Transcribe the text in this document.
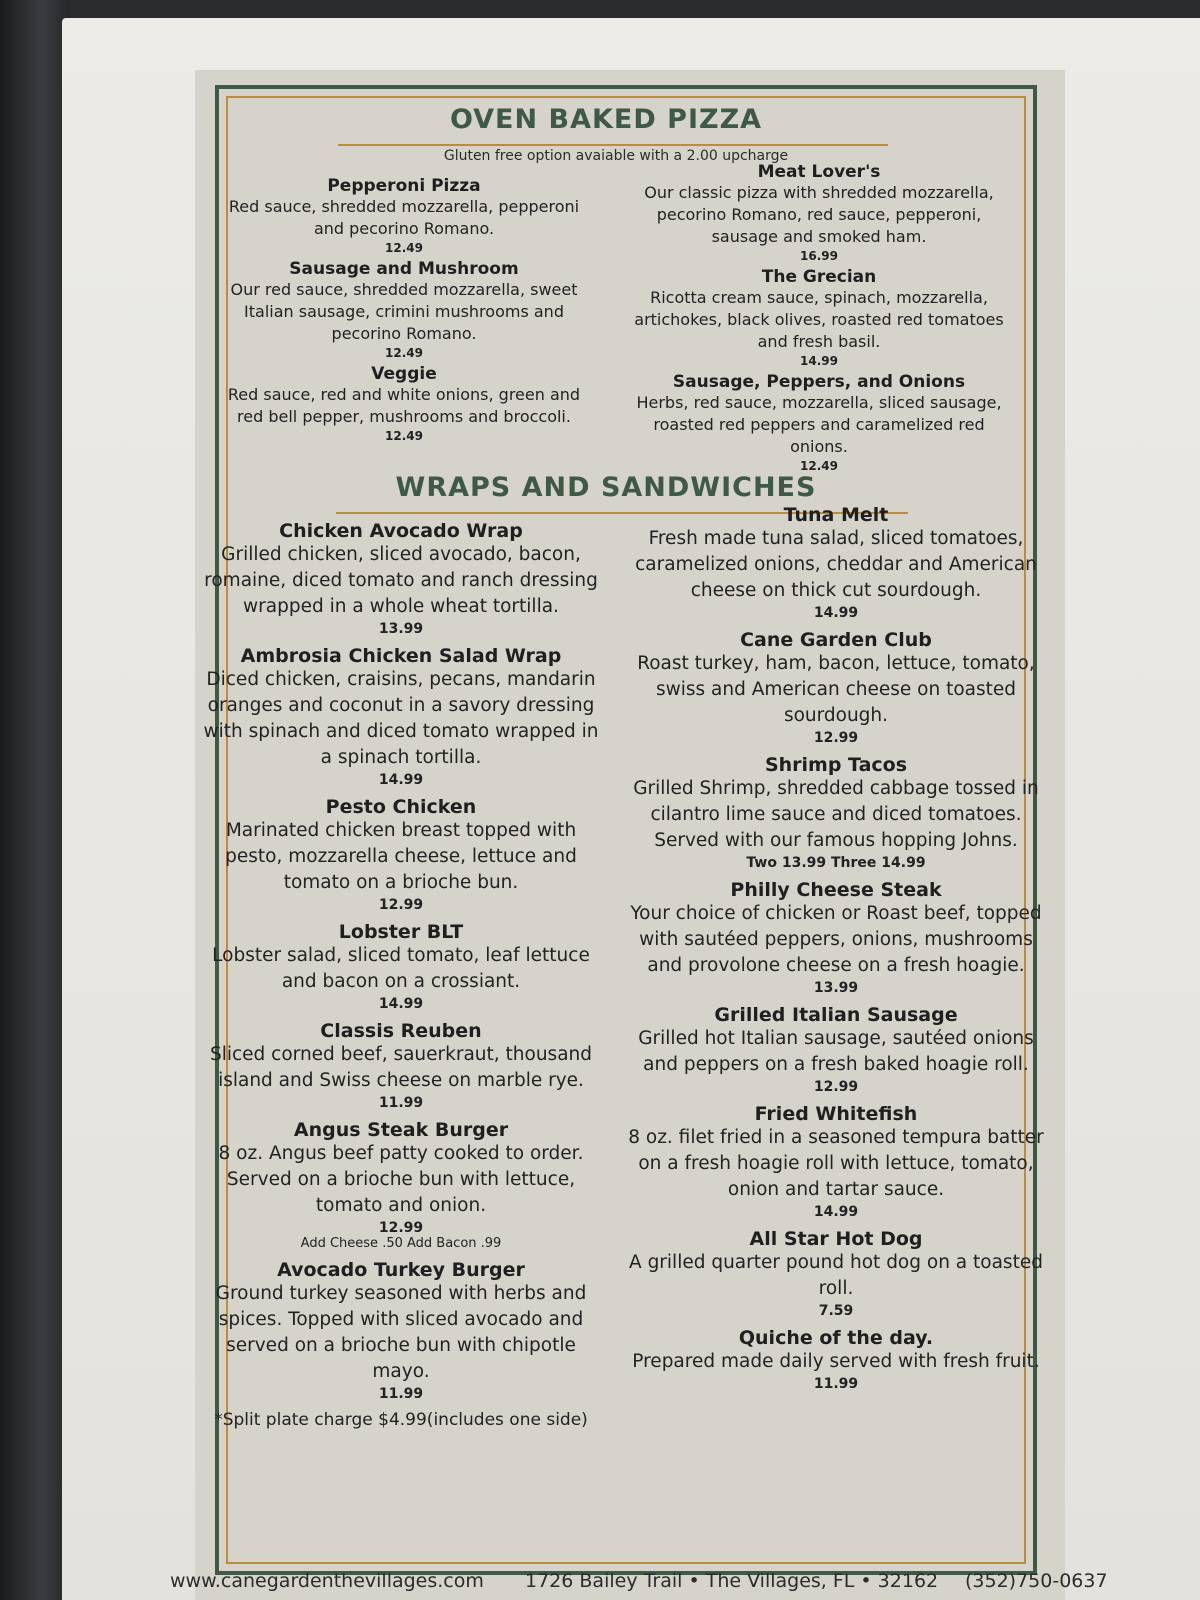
OVEN BAKED PIZZA
Gluten free option avaiable with a 2.00 upcharge
Pepperoni Pizza
Red sauce, shredded mozzarella, pepperoni and pecorino Romano.
12.49
Sausage and Mushroom
Our red sauce, shredded mozzarella, sweet Italian sausage, crimini mushrooms and pecorino Romano.
12.49
Veggie
Red sauce, red and white onions, green and red bell pepper, mushrooms and broccoli.
12.49
Meat Lover's
Our classic pizza with shredded mozzarella, pecorino Romano, red sauce, pepperoni, sausage and smoked ham.
16.99
The Grecian
Ricotta cream sauce, spinach, mozzarella, artichokes, black olives, roasted red tomatoes and fresh basil.
14.99
Sausage, Peppers, and Onions
Herbs, red sauce, mozzarella, sliced sausage, roasted red peppers and caramelized red onions.
12.49
WRAPS AND SANDWICHES
Chicken Avocado Wrap
Grilled chicken, sliced avocado, bacon, romaine, diced tomato and ranch dressing wrapped in a whole wheat tortilla.
13.99
Ambrosia Chicken Salad Wrap
Diced chicken, craisins, pecans, mandarin oranges and coconut in a savory dressing with spinach and diced tomato wrapped in a spinach tortilla.
14.99
Pesto Chicken
Marinated chicken breast topped with pesto, mozzarella cheese, lettuce and tomato on a brioche bun.
12.99
Lobster BLT
Lobster salad, sliced tomato, leaf lettuce and bacon on a crossiant.
14.99
Classis Reuben
Sliced corned beef, sauerkraut, thousand island and Swiss cheese on marble rye.
11.99
Angus Steak Burger
8 oz. Angus beef patty cooked to order. Served on a brioche bun with lettuce, tomato and onion.
12.99
Add Cheese .50 Add Bacon .99
Avocado Turkey Burger
Ground turkey seasoned with herbs and spices. Topped with sliced avocado and served on a brioche bun with chipotle mayo.
11.99
*Split plate charge $4.99(includes one side)
Tuna Melt
Fresh made tuna salad, sliced tomatoes, caramelized onions, cheddar and American cheese on thick cut sourdough.
14.99
Cane Garden Club
Roast turkey, ham, bacon, lettuce, tomato, swiss and American cheese on toasted sourdough.
12.99
Shrimp Tacos
Grilled Shrimp, shredded cabbage tossed in cilantro lime sauce and diced tomatoes. Served with our famous hopping Johns.
Two 13.99 Three 14.99
Philly Cheese Steak
Your choice of chicken or Roast beef, topped with sautéed peppers, onions, mushrooms and provolone cheese on a fresh hoagie.
13.99
Grilled Italian Sausage
Grilled hot Italian sausage, sautéed onions and peppers on a fresh baked hoagie roll.
12.99
Fried Whitefish
8 oz. filet fried in a seasoned tempura batter on a fresh hoagie roll with lettuce, tomato, onion and tartar sauce.
14.99
All Star Hot Dog
A grilled quarter pound hot dog on a toasted roll.
7.59
Quiche of the day.
Prepared made daily served with fresh fruit.
11.99
www.canegardenthevillages.com 1726 Bailey Trail • The Villages, FL • 32162 (352)750-0637
